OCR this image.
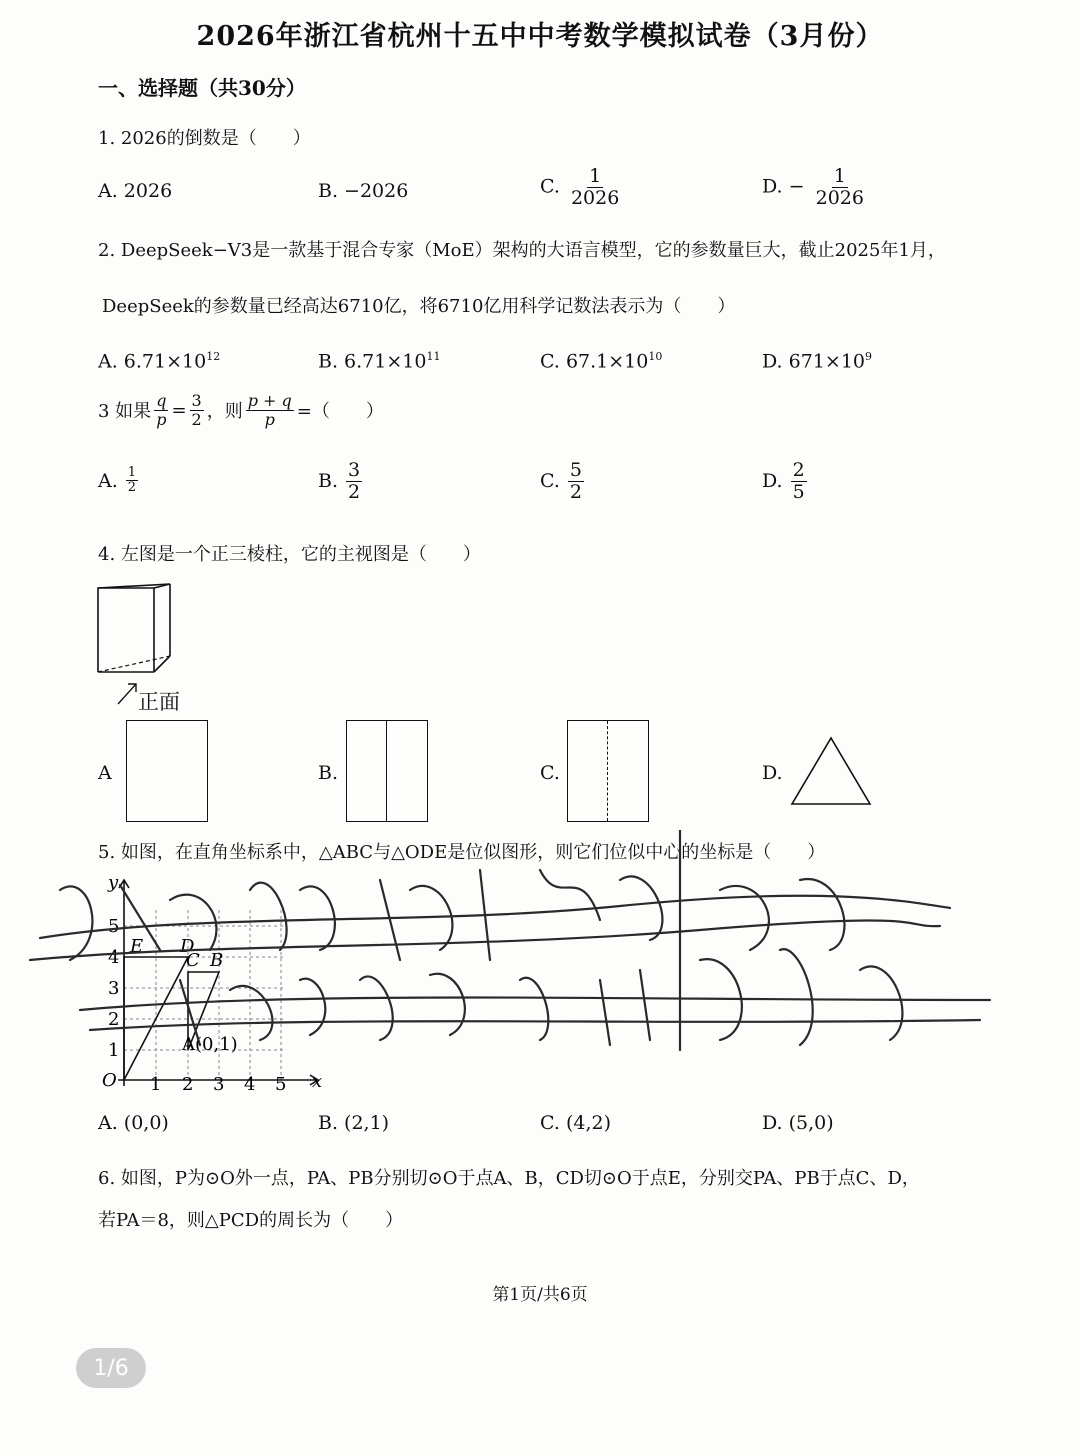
2026年浙江省杭州十五中中考数学模拟试卷（3月份）
一、选择题（共30分）
1. 2026的倒数是（　　）
A. 2026	B. −2026	C. $\frac{1}{2026}$	D. − $\frac{1}{2026}$
2. DeepSeek−V3是一款基于混合专家（MoE）架构的大语言模型，它的参数量巨大，截止2025年1月，
DeepSeek的参数量已经高达6710亿，将6710亿用科学记数法表示为（　　）
A. $6.71\times 10^{12}$	B. $6.71\times 10^{11}$	C. $67.1\times 10^{10}$	D. $671\times 10^9$
3 如果 $\frac{q}{p} = \frac{3}{2}$ ，则 $\frac{p + q}{p}$ =（　　）
A. $\frac{1}{2}$	B. $\frac{3}{2}$	C. $\frac{5}{2}$	D. $\frac{2}{5}$
4. 左图是一个正三棱柱，它的主视图是（　　）
正面
A	B.	C.	D.
5. 如图，在直角坐标系中，△ABC与△ODE是位似图形，则它们位似中心的坐标是（　　）
x
y
O 1 2 3 4 5
1
2
3
4
5
E D
C B
A(0,1)
A. (0,0)	B. (2,1)	C. (4,2)	D. (5,0)
6. 如图，P为⊙O外一点，PA、PB分别切⊙O于点A、B，CD切⊙O于点E，分别交PA、PB于点C、D，
若PA＝8，则△PCD的周长为（　　）
第1页/共6页
1/6
